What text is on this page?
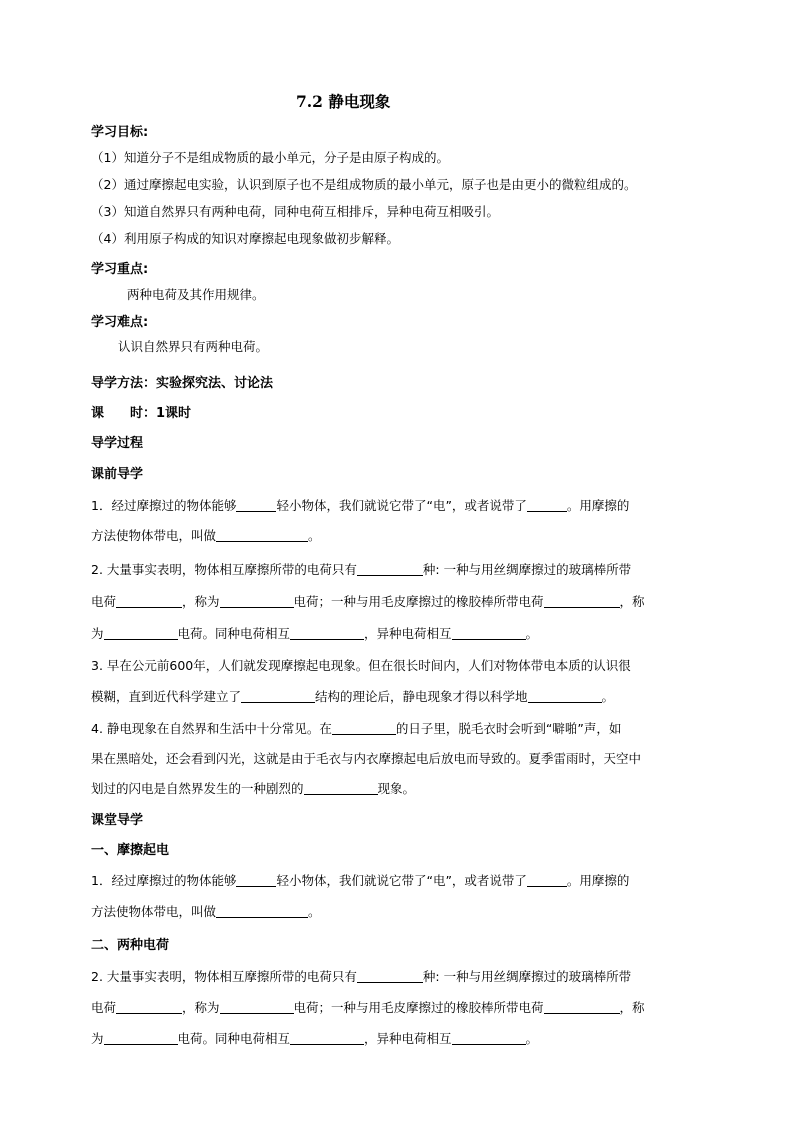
7.2 静电现象
学习目标:
（1）知道分子不是组成物质的最小单元，分子是由原子构成的。
（2）通过摩擦起电实验，认识到原子也不是组成物质的最小单元，原子也是由更小的微粒组成的。
（3）知道自然界只有两种电荷，同种电荷互相排斥，异种电荷互相吸引。
（4）利用原子构成的知识对摩擦起电现象做初步解释。
学习重点:
两种电荷及其作用规律。
学习难点:
认识自然界只有两种电荷。
导学方法：实验探究法、讨论法
课　　时：1课时
导学过程
课前导学
1．经过摩擦过的物体能够	轻小物体，我们就说它带了“电”，或者说带了	。用摩擦的
方法使物体带电，叫做	。
2. 大量事实表明，物体相互摩擦所带的电荷只有	种: 一种与用丝绸摩擦过的玻璃棒所带
电荷	，称为	电荷；一种与用毛皮摩擦过的橡胶棒所带电荷	，称
为	电荷。同种电荷相互	，异种电荷相互	。
3. 早在公元前600年，人们就发现摩擦起电现象。但在很长时间内，人们对物体带电本质的认识很
模糊，直到近代科学建立了	结构的理论后，静电现象才得以科学地	。
4. 静电现象在自然界和生活中十分常见。在	的日子里，脱毛衣时会听到“噼啪”声，如
果在黑暗处，还会看到闪光，这就是由于毛衣与内衣摩擦起电后放电而导致的。夏季雷雨时，天空中
划过的闪电是自然界发生的一种剧烈的	现象。
课堂导学
一、摩擦起电
1．经过摩擦过的物体能够	轻小物体，我们就说它带了“电”，或者说带了	。用摩擦的
方法使物体带电，叫做	。
二、两种电荷
2. 大量事实表明，物体相互摩擦所带的电荷只有	种: 一种与用丝绸摩擦过的玻璃棒所带
电荷	，称为	电荷；一种与用毛皮摩擦过的橡胶棒所带电荷	，称
为	电荷。同种电荷相互	，异种电荷相互	。
